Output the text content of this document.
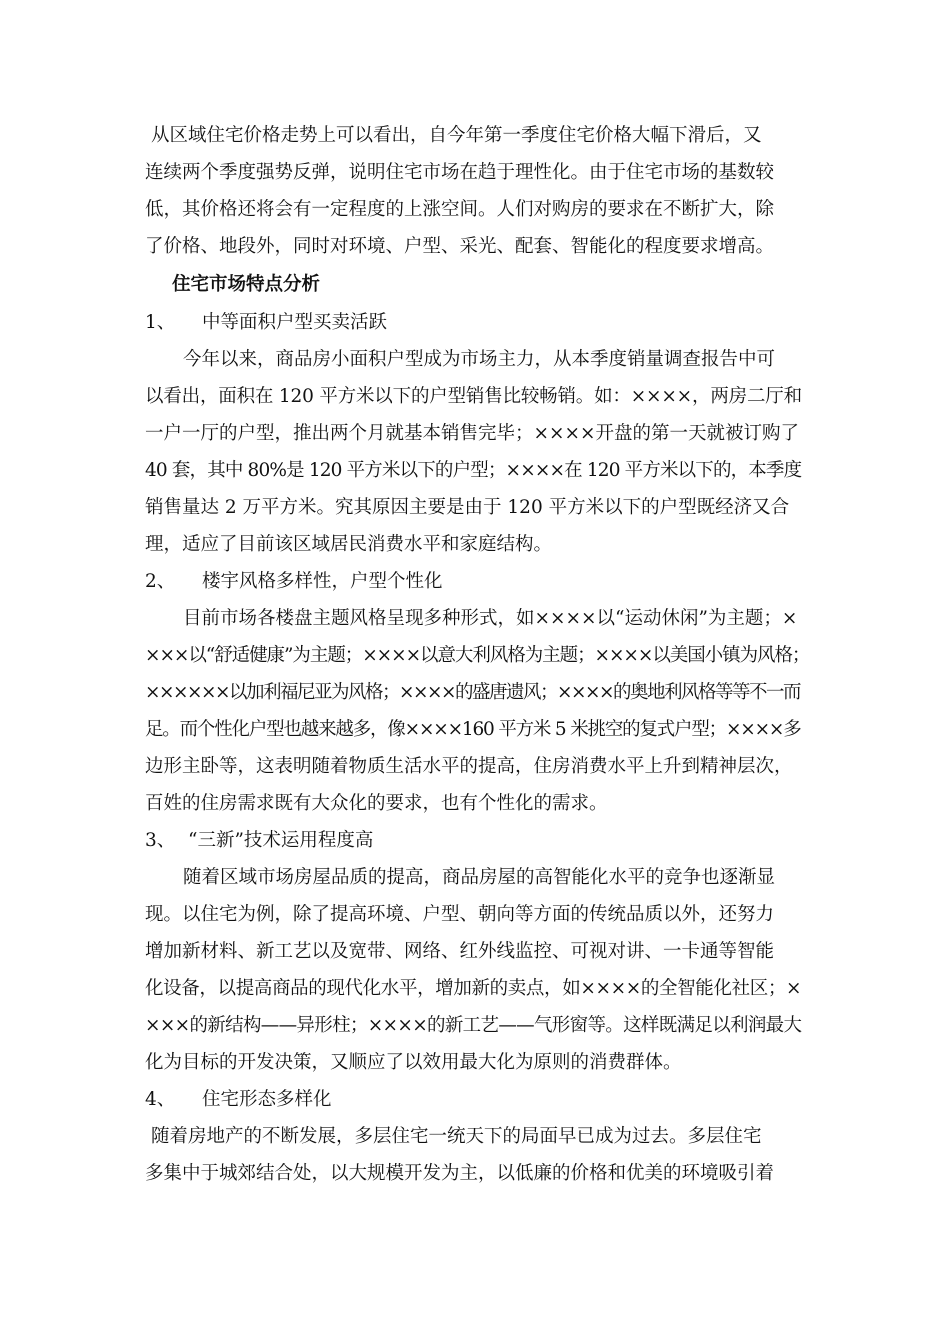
从区域住宅价格走势上可以看出，自今年第一季度住宅价格大幅下滑后，又
连续两个季度强势反弹，说明住宅市场在趋于理性化。由于住宅市场的基数较
低，其价格还将会有一定程度的上涨空间。人们对购房的要求在不断扩大，除
了价格、地段外，同时对环境、户型、采光、配套、智能化的程度要求增高。
住宅市场特点分析
1、 中等面积户型买卖活跃
今年以来，商品房小面积户型成为市场主力，从本季度销量调查报告中可
以看出，面积在 120 平方米以下的户型销售比较畅销。如：××××，两房二厅和
一户一厅的户型，推出两个月就基本销售完毕；××××开盘的第一天就被订购了
40 套，其中 80%是 120 平方米以下的户型；××××在 120 平方米以下的，本季度
销售量达 2 万平方米。究其原因主要是由于 120 平方米以下的户型既经济又合
理，适应了目前该区域居民消费水平和家庭结构。
2、 楼宇风格多样性，户型个性化
目前市场各楼盘主题风格呈现多种形式，如××××以“运动休闲”为主题；×
×××以“舒适健康”为主题；××××以意大利风格为主题；××××以美国小镇为风格；
××××××以加利福尼亚为风格；××××的盛唐遗风；××××的奥地利风格等等不一而
足。而个性化户型也越来越多，像××××160 平方米 5 米挑空的复式户型；××××多
边形主卧等，这表明随着物质生活水平的提高，住房消费水平上升到精神层次，
百姓的住房需求既有大众化的要求，也有个性化的需求。
3、 “三新”技术运用程度高
随着区域市场房屋品质的提高，商品房屋的高智能化水平的竞争也逐渐显
现。以住宅为例，除了提高环境、户型、朝向等方面的传统品质以外，还努力
增加新材料、新工艺以及宽带、网络、红外线监控、可视对讲、一卡通等智能
化设备，以提高商品的现代化水平，增加新的卖点，如××××的全智能化社区；×
×××的新结构——异形柱；××××的新工艺——气形窗等。这样既满足以利润最大
化为目标的开发决策，又顺应了以效用最大化为原则的消费群体。
4、 住宅形态多样化
随着房地产的不断发展，多层住宅一统天下的局面早已成为过去。多层住宅
多集中于城郊结合处，以大规模开发为主，以低廉的价格和优美的环境吸引着
